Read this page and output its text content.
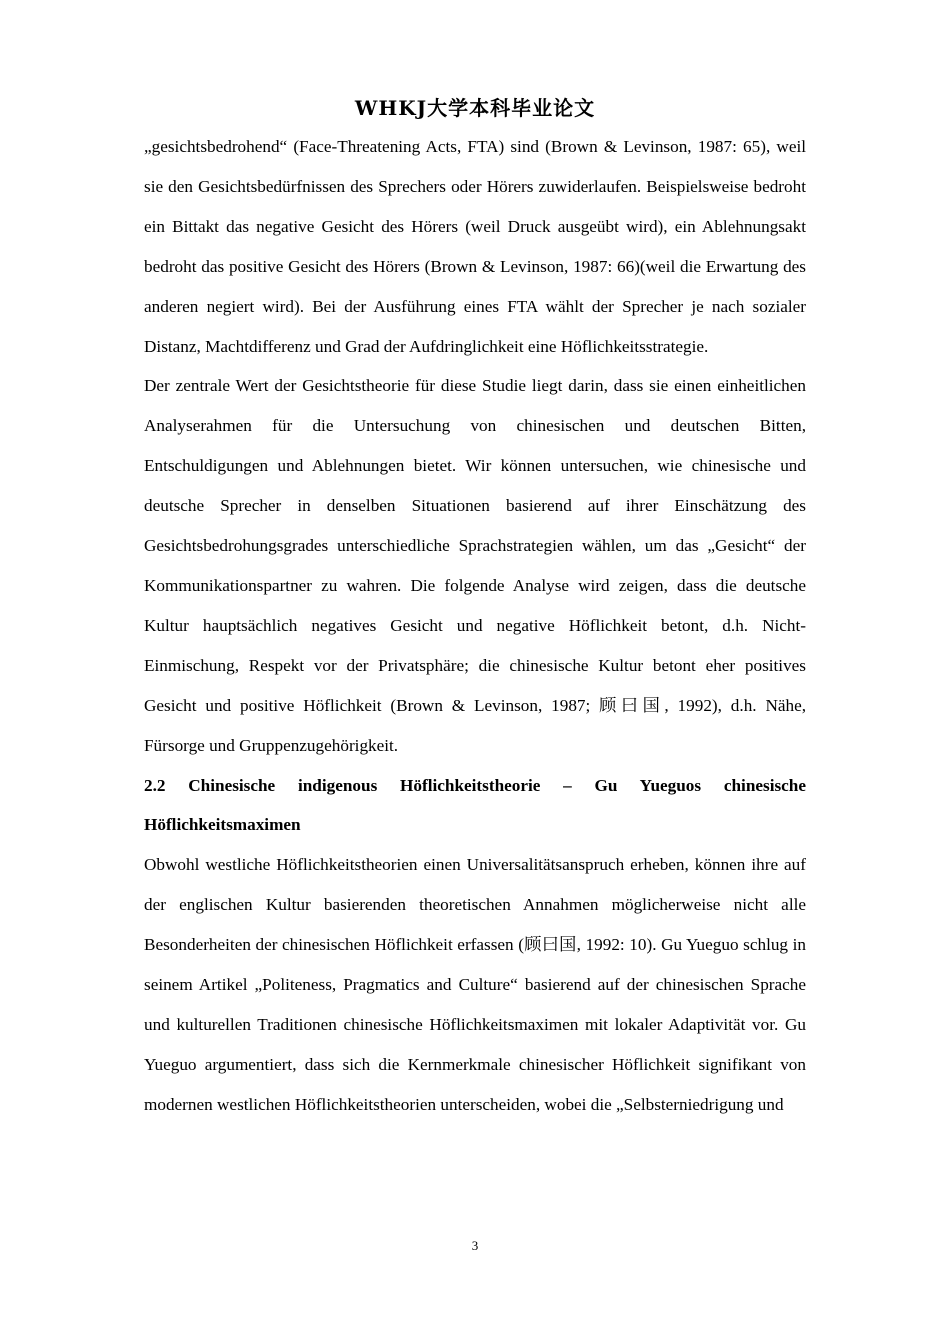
WHKJ大学本科毕业论文

„gesichtsbedrohend“ (Face-Threatening Acts, FTA) sind (Brown & Levinson, 1987: 65), weil sie den Gesichtsbedürfnissen des Sprechers oder Hörers zuwiderlaufen. Beispielsweise bedroht ein Bittakt das negative Gesicht des Hörers (weil Druck ausgeübt wird), ein Ablehnungsakt bedroht das positive Gesicht des Hörers (Brown & Levinson, 1987: 66)(weil die Erwartung des anderen negiert wird). Bei der Ausführung eines FTA wählt der Sprecher je nach sozialer Distanz, Machtdifferenz und Grad der Aufdringlichkeit eine Höflichkeitsstrategie.

Der zentrale Wert der Gesichtstheorie für diese Studie liegt darin, dass sie einen einheitlichen Analyserahmen für die Untersuchung von chinesischen und deutschen Bitten, Entschuldigungen und Ablehnungen bietet. Wir können untersuchen, wie chinesische und deutsche Sprecher in denselben Situationen basierend auf ihrer Einschätzung des Gesichtsbedrohungsgrades unterschiedliche Sprachstrategien wählen, um das „Gesicht“ der Kommunikationspartner zu wahren. Die folgende Analyse wird zeigen, dass die deutsche Kultur hauptsächlich negatives Gesicht und negative Höflichkeit betont, d.h. Nicht-Einmischung, Respekt vor der Privatsphäre; die chinesische Kultur betont eher positives Gesicht und positive Höflichkeit (Brown & Levinson, 1987; 顾曰国, 1992), d.h. Nähe, Fürsorge und Gruppenzugehörigkeit.

2.2 Chinesische indigenous Höflichkeitstheorie – Gu Yueguos chinesische Höflichkeitsmaximen

Obwohl westliche Höflichkeitstheorien einen Universalitätsanspruch erheben, können ihre auf der englischen Kultur basierenden theoretischen Annahmen möglicherweise nicht alle Besonderheiten der chinesischen Höflichkeit erfassen (顾曰国, 1992: 10). Gu Yueguo schlug in seinem Artikel „Politeness, Pragmatics and Culture“ basierend auf der chinesischen Sprache und kulturellen Traditionen chinesische Höflichkeitsmaximen mit lokaler Adaptivität vor. Gu Yueguo argumentiert, dass sich die Kernmerkmale chinesischer Höflichkeit signifikant von modernen westlichen Höflichkeitstheorien unterscheiden, wobei die „Selbsterniedrigung und

3
